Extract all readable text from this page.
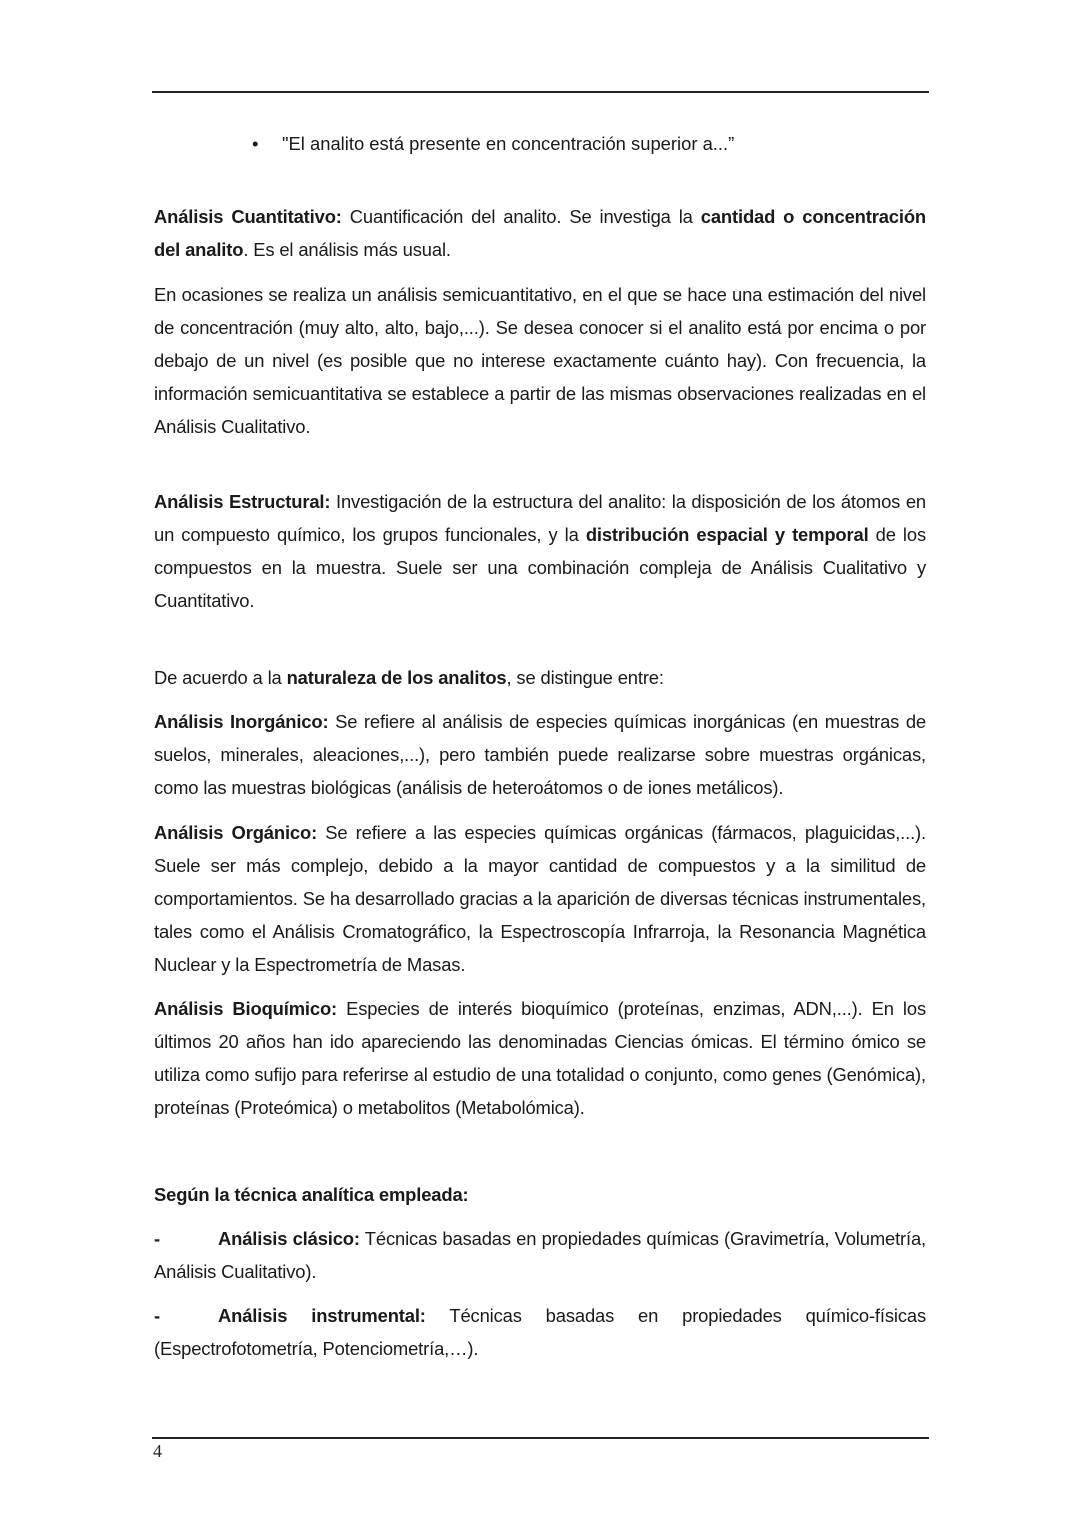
• "El analito está presente en concentración superior a...”

Análisis Cuantitativo: Cuantificación del analito. Se investiga la cantidad o concentración del analito. Es el análisis más usual.

En ocasiones se realiza un análisis semicuantitativo, en el que se hace una estimación del nivel de concentración (muy alto, alto, bajo,...). Se desea conocer si el analito está por encima o por debajo de un nivel (es posible que no interese exactamente cuánto hay). Con frecuencia, la información semicuantitativa se establece a partir de las mismas observaciones realizadas en el Análisis Cualitativo.

Análisis Estructural: Investigación de la estructura del analito: la disposición de los átomos en un compuesto químico, los grupos funcionales, y la distribución espacial y temporal de los compuestos en la muestra. Suele ser una combinación compleja de Análisis Cualitativo y Cuantitativo.

De acuerdo a la naturaleza de los analitos, se distingue entre:

Análisis Inorgánico: Se refiere al análisis de especies químicas inorgánicas (en muestras de suelos, minerales, aleaciones,...), pero también puede realizarse sobre muestras orgánicas, como las muestras biológicas (análisis de heteroátomos o de iones metálicos).

Análisis Orgánico: Se refiere a las especies químicas orgánicas (fármacos, plaguicidas,...). Suele ser más complejo, debido a la mayor cantidad de compuestos y a la similitud de comportamientos. Se ha desarrollado gracias a la aparición de diversas técnicas instrumentales, tales como el Análisis Cromatográfico, la Espectroscopía Infrarroja, la Resonancia Magnética Nuclear y la Espectrometría de Masas.

Análisis Bioquímico: Especies de interés bioquímico (proteínas, enzimas, ADN,...). En los últimos 20 años han ido apareciendo las denominadas Ciencias ómicas. El término ómico se utiliza como sufijo para referirse al estudio de una totalidad o conjunto, como genes (Genómica), proteínas (Proteómica) o metabolitos (Metabolómica).

Según la técnica analítica empleada:

-	Análisis clásico: Técnicas basadas en propiedades químicas (Gravimetría, Volumetría, Análisis Cualitativo).

-	Análisis instrumental: Técnicas basadas en propiedades químico-físicas (Espectrofotometría, Potenciometría,…).

4
